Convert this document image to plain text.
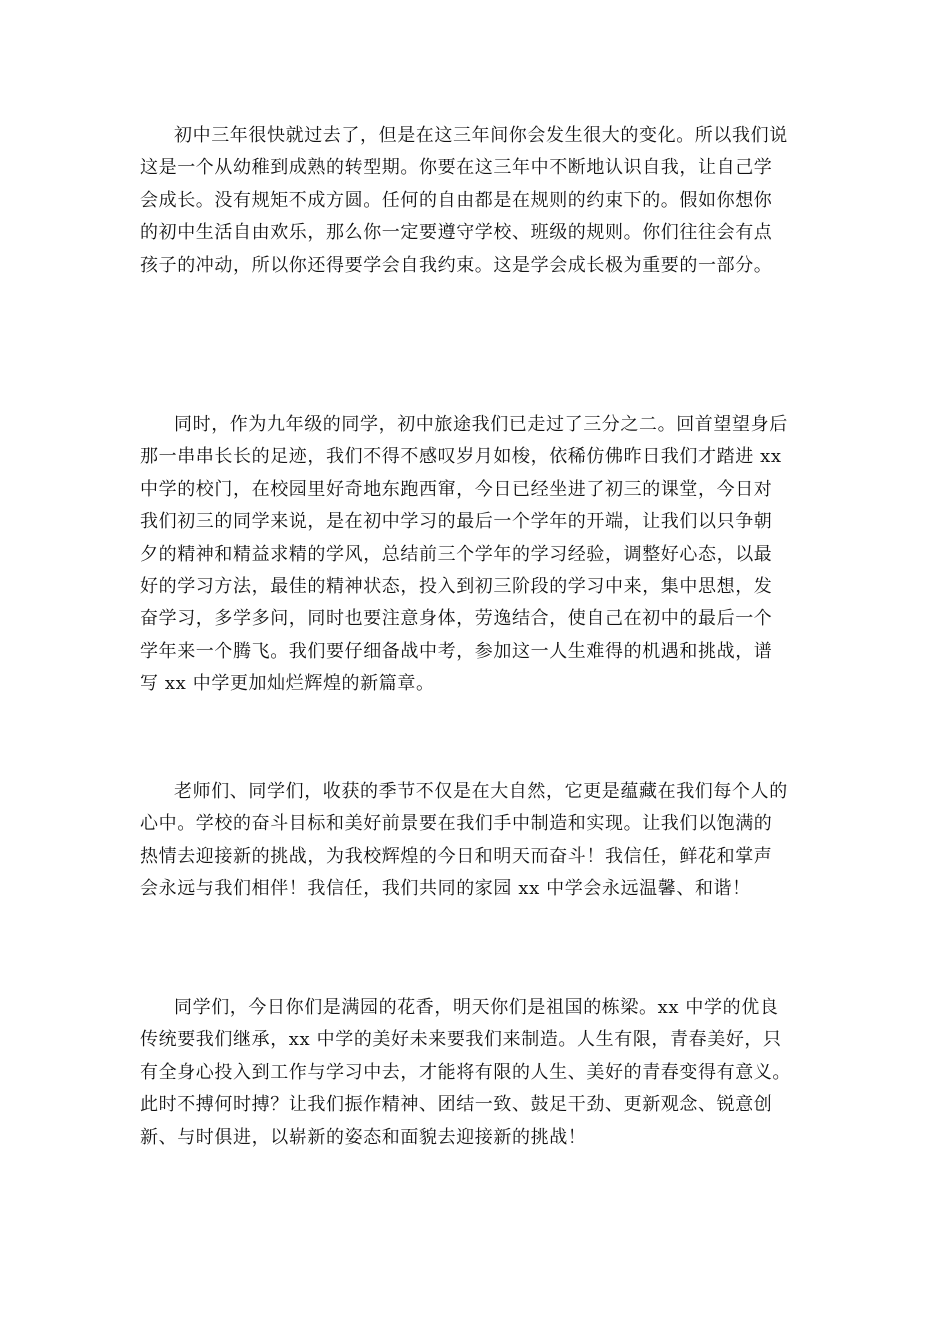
初中三年很快就过去了，但是在这三年间你会发生很大的变化。所以我们说
这是一个从幼稚到成熟的转型期。你要在这三年中不断地认识自我，让自己学
会成长。没有规矩不成方圆。任何的自由都是在规则的约束下的。假如你想你
的初中生活自由欢乐，那么你一定要遵守学校、班级的规则。你们往往会有点
孩子的冲动，所以你还得要学会自我约束。这是学会成长极为重要的一部分。

同时，作为九年级的同学，初中旅途我们已走过了三分之二。回首望望身后
那一串串长长的足迹，我们不得不感叹岁月如梭，依稀仿佛昨日我们才踏进 xx
中学的校门，在校园里好奇地东跑西窜，今日已经坐进了初三的课堂，今日对
我们初三的同学来说，是在初中学习的最后一个学年的开端，让我们以只争朝
夕的精神和精益求精的学风，总结前三个学年的学习经验，调整好心态，以最
好的学习方法，最佳的精神状态，投入到初三阶段的学习中来，集中思想，发
奋学习，多学多问，同时也要注意身体，劳逸结合，使自己在初中的最后一个
学年来一个腾飞。我们要仔细备战中考，参加这一人生难得的机遇和挑战，谱
写 xx 中学更加灿烂辉煌的新篇章。

老师们、同学们，收获的季节不仅是在大自然，它更是蕴藏在我们每个人的
心中。学校的奋斗目标和美好前景要在我们手中制造和实现。让我们以饱满的
热情去迎接新的挑战，为我校辉煌的今日和明天而奋斗！我信任，鲜花和掌声
会永远与我们相伴！我信任，我们共同的家园 xx 中学会永远温馨、和谐！

同学们，今日你们是满园的花香，明天你们是祖国的栋梁。xx 中学的优良
传统要我们继承，xx 中学的美好未来要我们来制造。人生有限，青春美好，只
有全身心投入到工作与学习中去，才能将有限的人生、美好的青春变得有意义。
此时不搏何时搏？让我们振作精神、团结一致、鼓足干劲、更新观念、锐意创
新、与时俱进，以崭新的姿态和面貌去迎接新的挑战！
